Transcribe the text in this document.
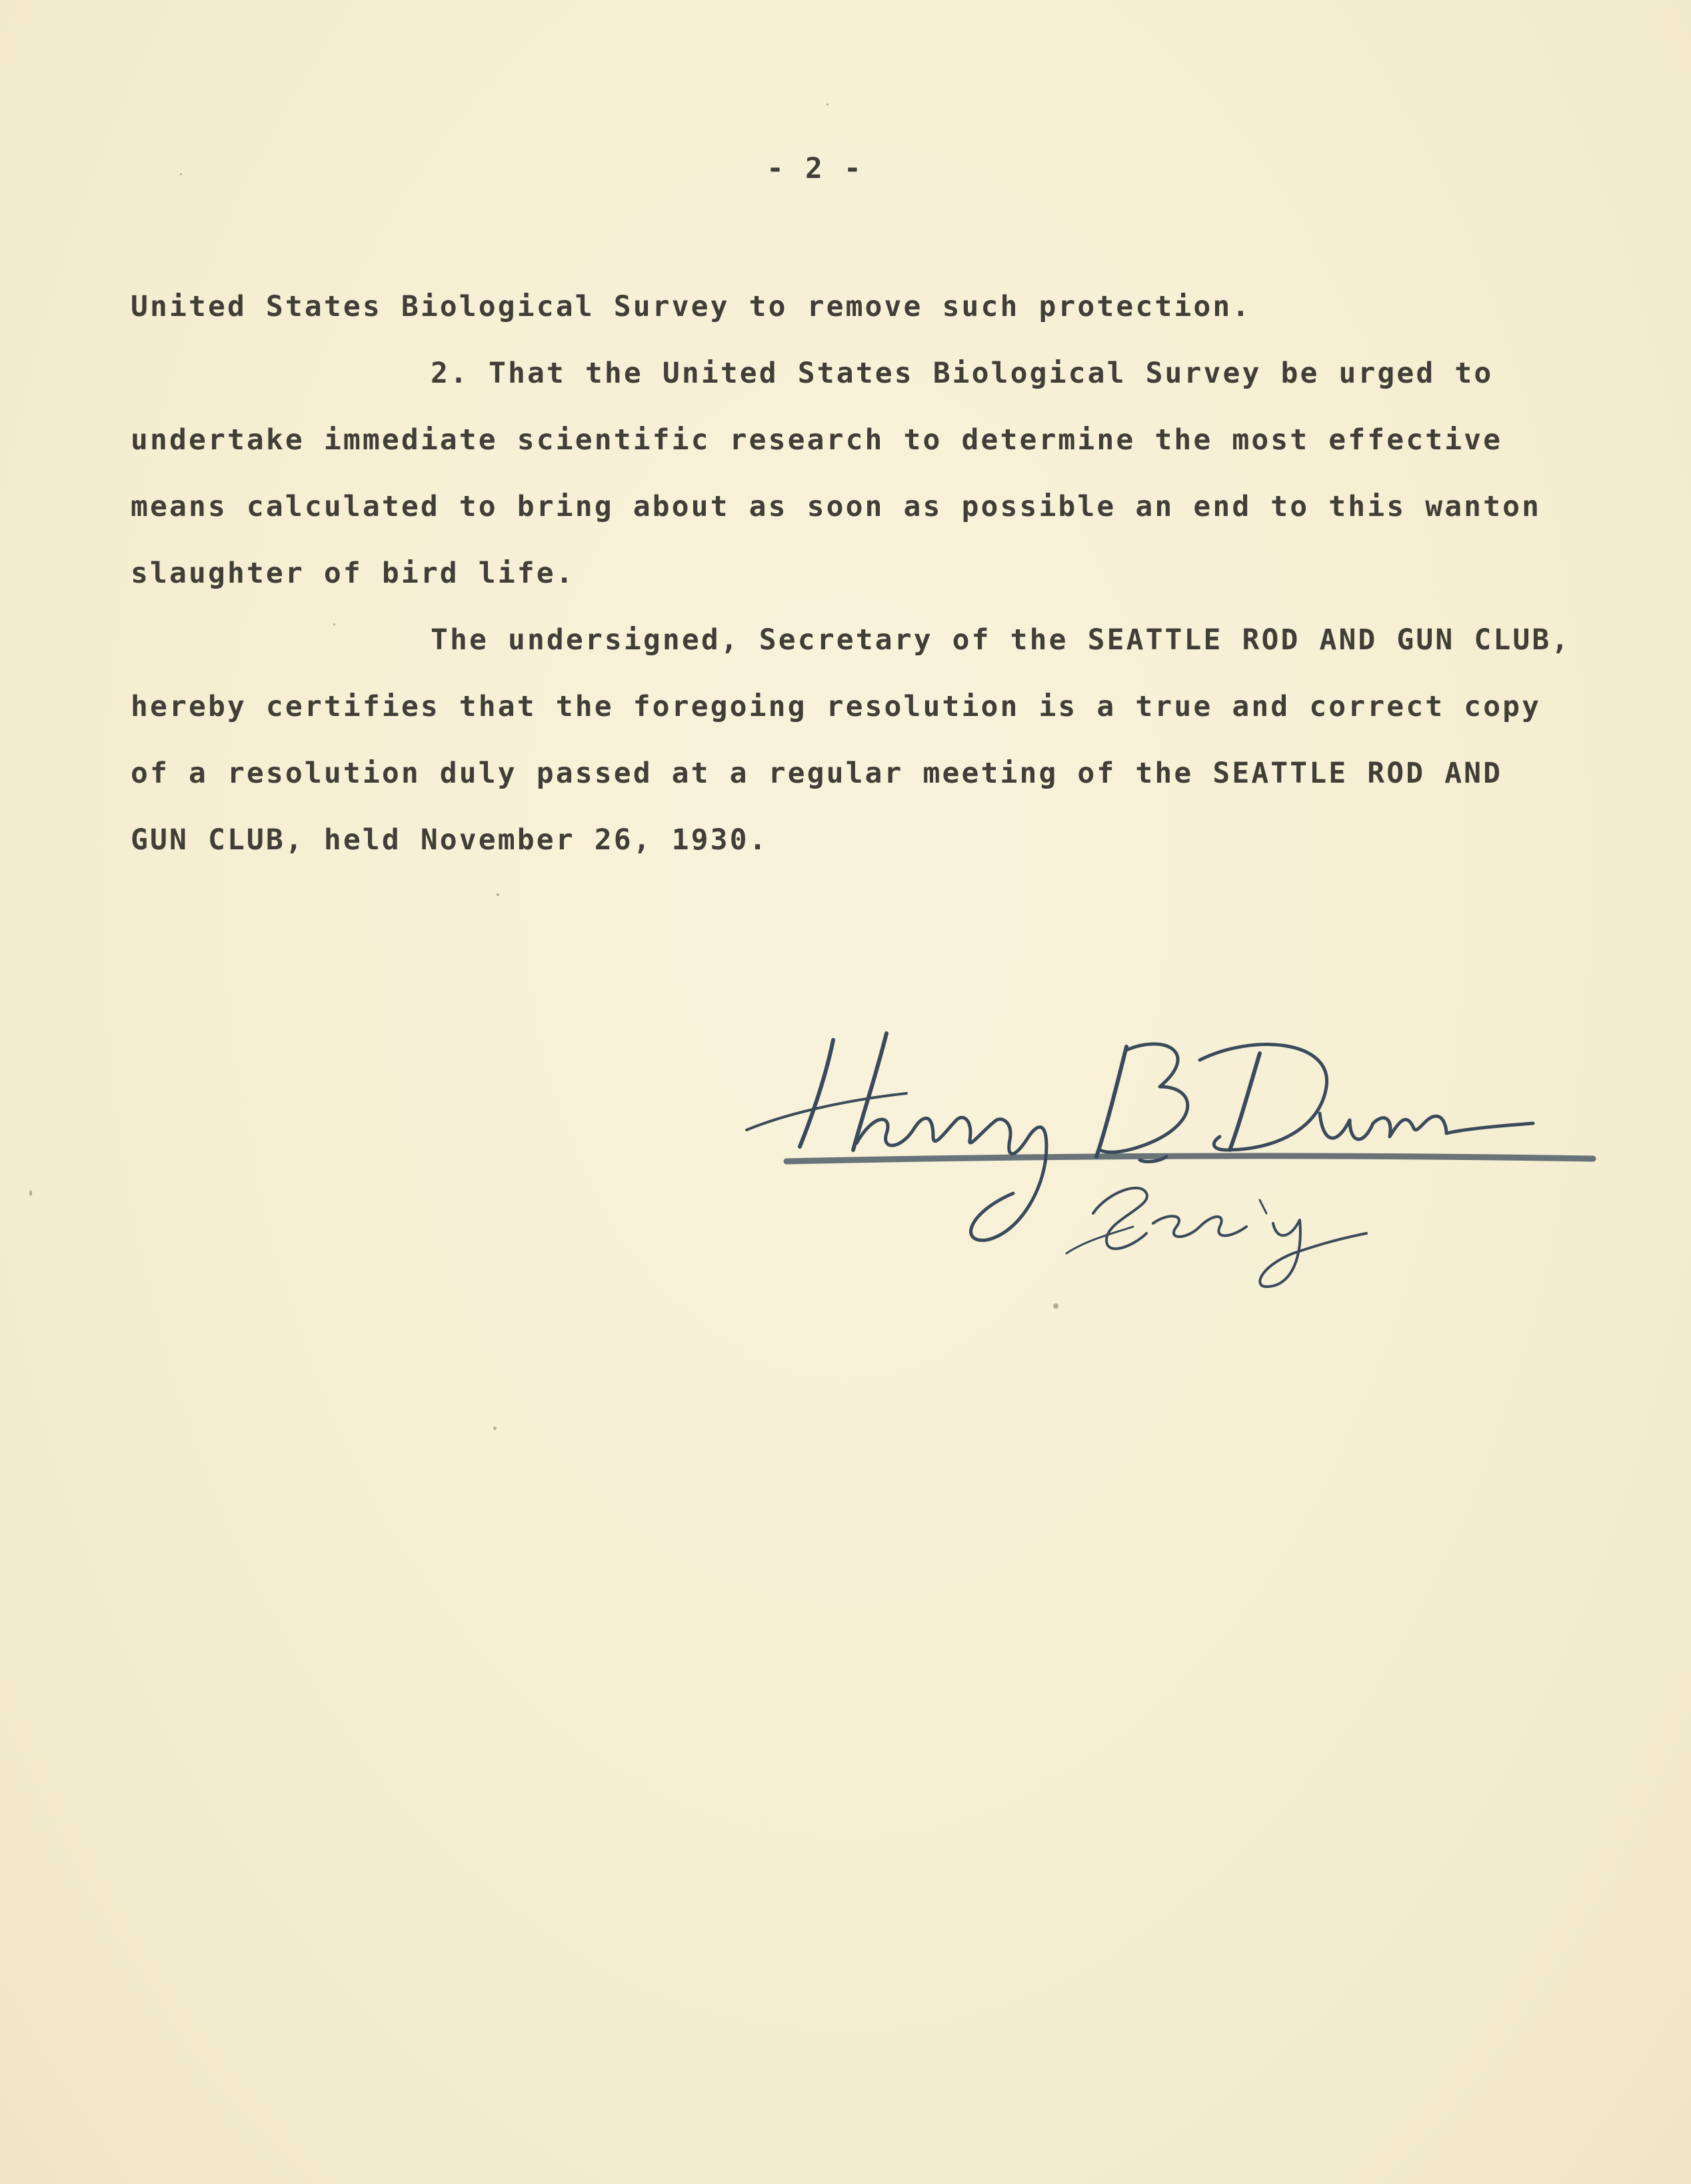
- 2 -
United States Biological Survey to remove such protection.
2. That the United States Biological Survey be urged to
undertake immediate scientific research to determine the most effective
means calculated to bring about as soon as possible an end to this wanton
slaughter of bird life.
The undersigned, Secretary of the SEATTLE ROD AND GUN CLUB,
hereby certifies that the foregoing resolution is a true and correct copy
of a resolution duly passed at a regular meeting of the SEATTLE ROD AND
GUN CLUB, held November 26, 1930.
